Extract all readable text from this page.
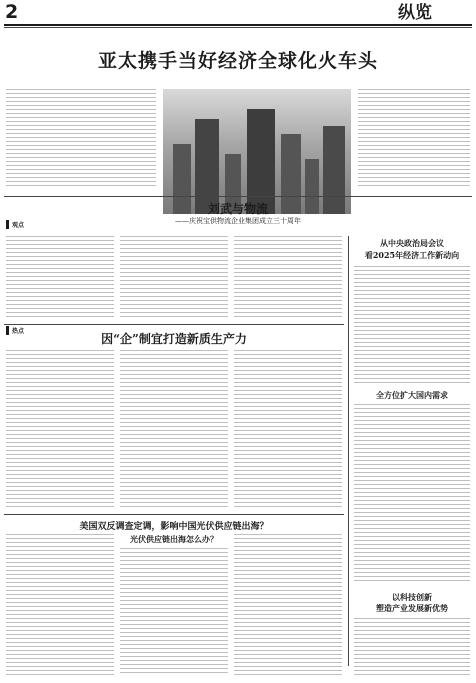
2	纵览
亚太携手当好经济全球化火车头
观点
刘武与物流
——庆祝宝供物流企业集团成立三十周年
从中央政治局会议
看2025年经济工作新动向
全方位扩大国内需求
以科技创新
塑造产业发展新优势
热点
因“企”制宜打造新质生产力
美国双反调查定调，影响中国光伏供应链出海？
光伏供应链出海怎么办？
